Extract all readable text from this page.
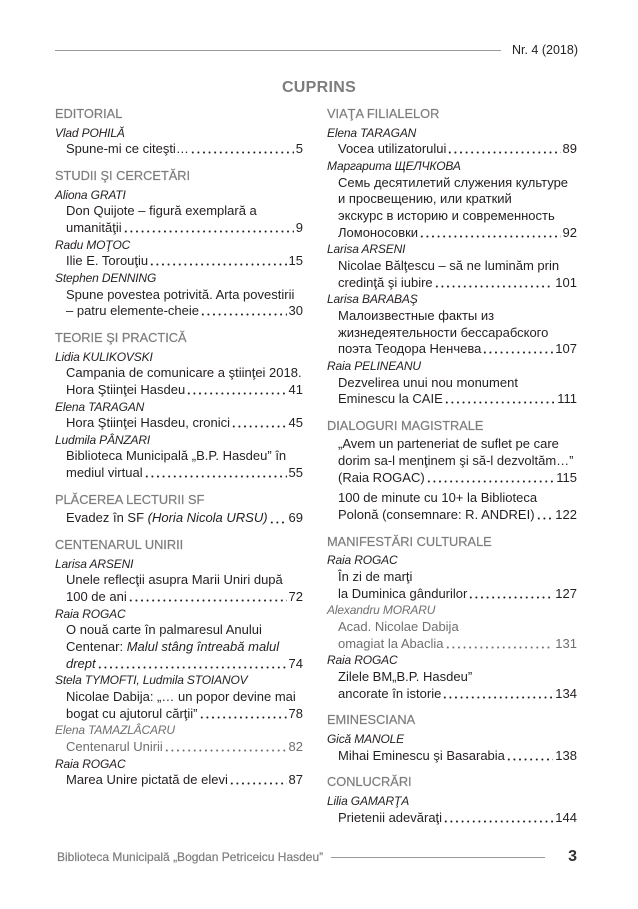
Nr. 4 (2018)
CUPRINS
EDITORIAL
Vlad POHILĂ
Spune-mi ce citeşti…	5
STUDII ŞI CERCETĂRI
Aliona GRATI
Don Quijote – figură exemplară a
umanităţii	9
Radu MOŢOC
Ilie E. Torouţiu	15
Stephen DENNING
Spune povestea potrivită. Arta povestirii
– patru elemente-cheie	30
TEORIE ŞI PRACTICĂ
Lidia KULIKOVSKI
Campania de comunicare a ştiinţei 2018.
Hora Ştiinţei Hasdeu	41
Elena TARAGAN
Hora Ştiinţei Hasdeu, cronici	45
Ludmila PÂNZARI
Biblioteca Municipală „B.P. Hasdeu” în
mediul virtual	55
PLĂCEREA LECTURII SF
Evadez în SF (Horia Nicola URSU) 69
CENTENARUL UNIRII
Larisa ARSENI
Unele reflecţii asupra Marii Uniri după
100 de ani	72
Raia ROGAC
O nouă carte în palmaresul Anului
Centenar: Malul stâng întreabă malul
drept	74
Stela TYMOFTI, Ludmila STOIANOV
Nicolae Dabija: „… un popor devine mai
bogat cu ajutorul cărţii”	78
Elena TAMAZLÂCARU
Centenarul Unirii	82
Raia ROGAC
Marea Unire pictată de elevi	87
VIAŢA FILIALELOR
Elena TARAGAN
Vocea utilizatorului	89
Маргарита ЩЕЛЧКОВА
Семь десятилетий служения культуре
и просвещению, или краткий
экскурс в историю и современность
Ломоносовки	92
Larisa ARSENI
Nicolae Bălţescu – să ne luminăm prin
credinţă şi iubire	101
Larisa BARABAŞ
Малоизвестные факты из
жизнедеятельности бессарабского
поэта Теодора Ненчева	107
Raia PELINEANU
Dezvelirea unui nou monument
Eminescu la CAIE	111
DIALOGURI MAGISTRALE
„Avem un parteneriat de suflet pe care
dorim sa-l menţinem şi să-l dezvoltăm…”
(Raia ROGAC)	115
100 de minute cu 10+ la Biblioteca
Polonă (consemnare: R. ANDREI) 122
MANIFESTĂRI CULTURALE
Raia ROGAC
În zi de marţi
la Duminica gândurilor	127
Alexandru MORARU
Acad. Nicolae Dabija
omagiat la Abaclia	131
Raia ROGAC
Zilele BM„B.P. Hasdeu”
ancorate în istorie	134
EMINESCIANA
Gică MANOLE
Mihai Eminescu şi Basarabia	138
CONLUCRĂRI
Lilia GAMARŢA
Prietenii adevăraţi	144
Biblioteca Municipală „Bogdan Petriceicu Hasdeu”	3
